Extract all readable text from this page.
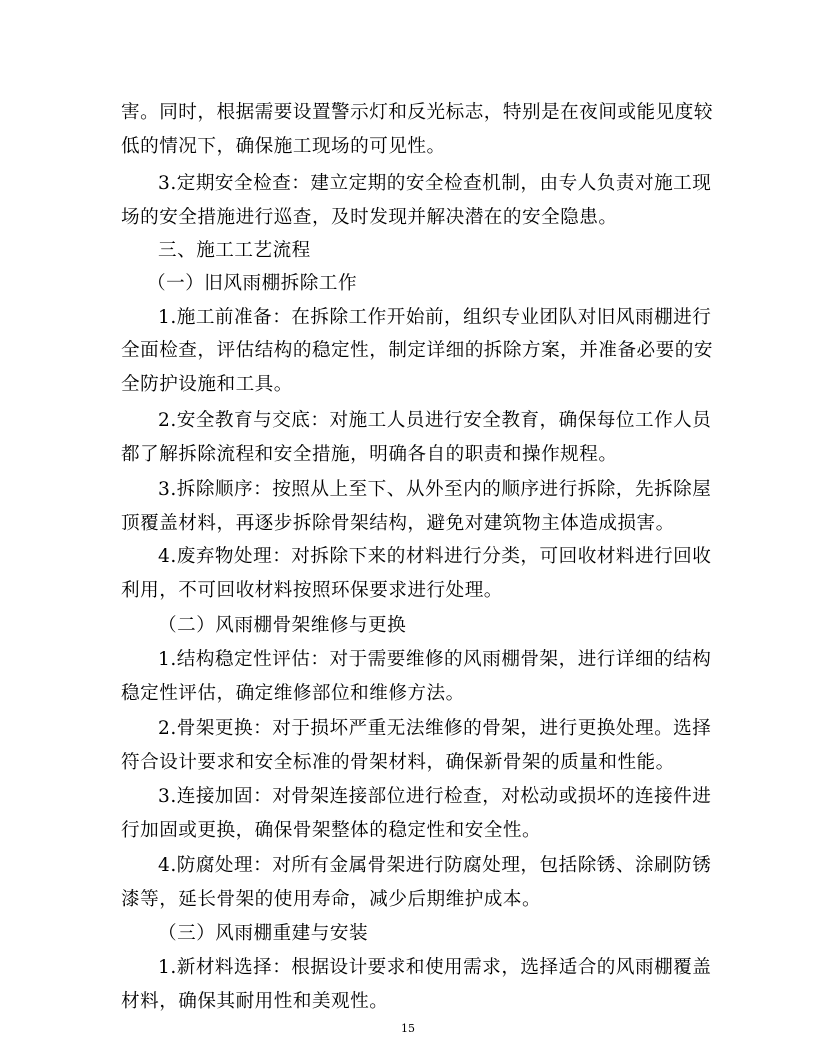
害。同时，根据需要设置警示灯和反光标志，特别是在夜间或能见度较
低的情况下，确保施工现场的可见性。
3.定期安全检查：建立定期的安全检查机制，由专人负责对施工现
场的安全措施进行巡查，及时发现并解决潜在的安全隐患。
三、施工工艺流程
（一）旧风雨棚拆除工作
1.施工前准备：在拆除工作开始前，组织专业团队对旧风雨棚进行
全面检查，评估结构的稳定性，制定详细的拆除方案，并准备必要的安
全防护设施和工具。
2.安全教育与交底：对施工人员进行安全教育，确保每位工作人员
都了解拆除流程和安全措施，明确各自的职责和操作规程。
3.拆除顺序：按照从上至下、从外至内的顺序进行拆除，先拆除屋
顶覆盖材料，再逐步拆除骨架结构，避免对建筑物主体造成损害。
4.废弃物处理：对拆除下来的材料进行分类，可回收材料进行回收
利用，不可回收材料按照环保要求进行处理。
（二）风雨棚骨架维修与更换
1.结构稳定性评估：对于需要维修的风雨棚骨架，进行详细的结构
稳定性评估，确定维修部位和维修方法。
2.骨架更换：对于损坏严重无法维修的骨架，进行更换处理。选择
符合设计要求和安全标准的骨架材料，确保新骨架的质量和性能。
3.连接加固：对骨架连接部位进行检查，对松动或损坏的连接件进
行加固或更换，确保骨架整体的稳定性和安全性。
4.防腐处理：对所有金属骨架进行防腐处理，包括除锈、涂刷防锈
漆等，延长骨架的使用寿命，减少后期维护成本。
（三）风雨棚重建与安装
1.新材料选择：根据设计要求和使用需求，选择适合的风雨棚覆盖
材料，确保其耐用性和美观性。
15
